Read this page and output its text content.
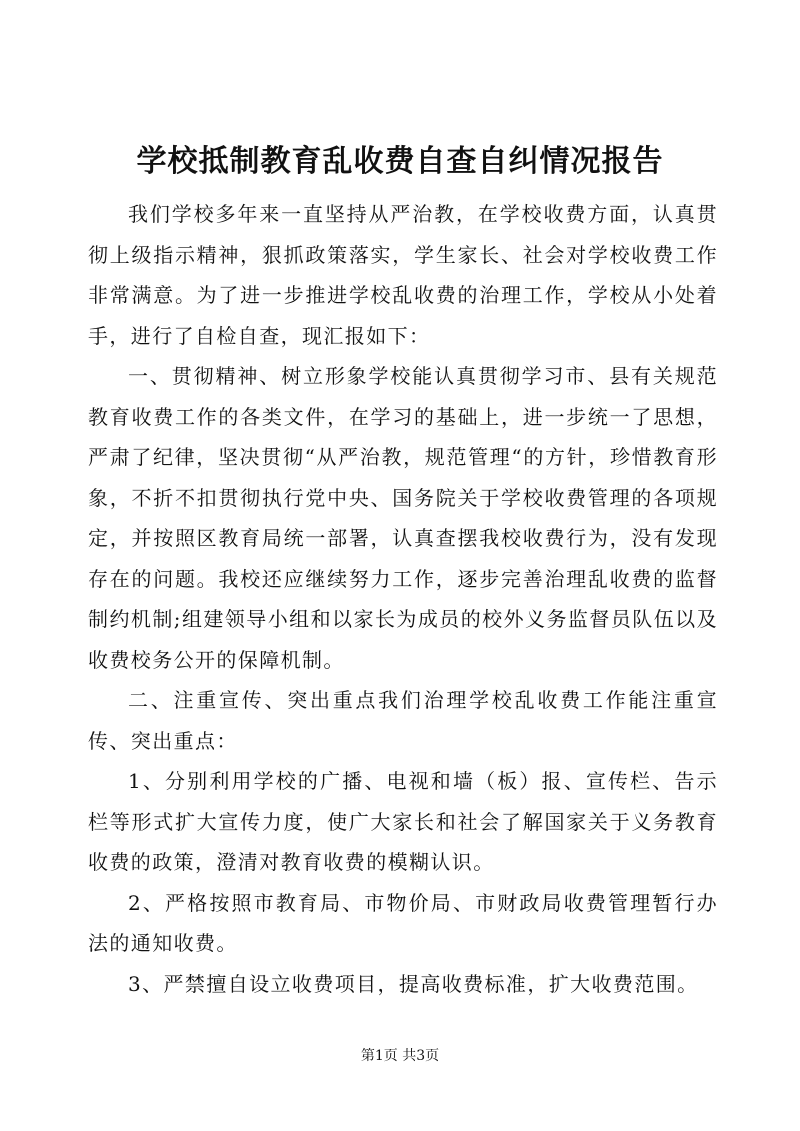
学校抵制教育乱收费自查自纠情况报告

我们学校多年来一直坚持从严治教，在学校收费方面，认真贯彻上级指示精神，狠抓政策落实，学生家长、社会对学校收费工作非常满意。为了进一步推进学校乱收费的治理工作，学校从小处着手，进行了自检自查，现汇报如下：

一、贯彻精神、树立形象学校能认真贯彻学习市、县有关规范教育收费工作的各类文件，在学习的基础上，进一步统一了思想，严肃了纪律，坚决贯彻“从严治教，规范管理“的方针，珍惜教育形象，不折不扣贯彻执行党中央、国务院关于学校收费管理的各项规定，并按照区教育局统一部署，认真查摆我校收费行为，没有发现存在的问题。我校还应继续努力工作，逐步完善治理乱收费的监督制约机制;组建领导小组和以家长为成员的校外义务监督员队伍以及收费校务公开的保障机制。

二、注重宣传、突出重点我们治理学校乱收费工作能注重宣传、突出重点：

1、分别利用学校的广播、电视和墙（板）报、宣传栏、告示栏等形式扩大宣传力度，使广大家长和社会了解国家关于义务教育收费的政策，澄清对教育收费的模糊认识。

2、严格按照市教育局、市物价局、市财政局收费管理暂行办法的通知收费。

3、严禁擅自设立收费项目，提高收费标准，扩大收费范围。

第1页 共3页
